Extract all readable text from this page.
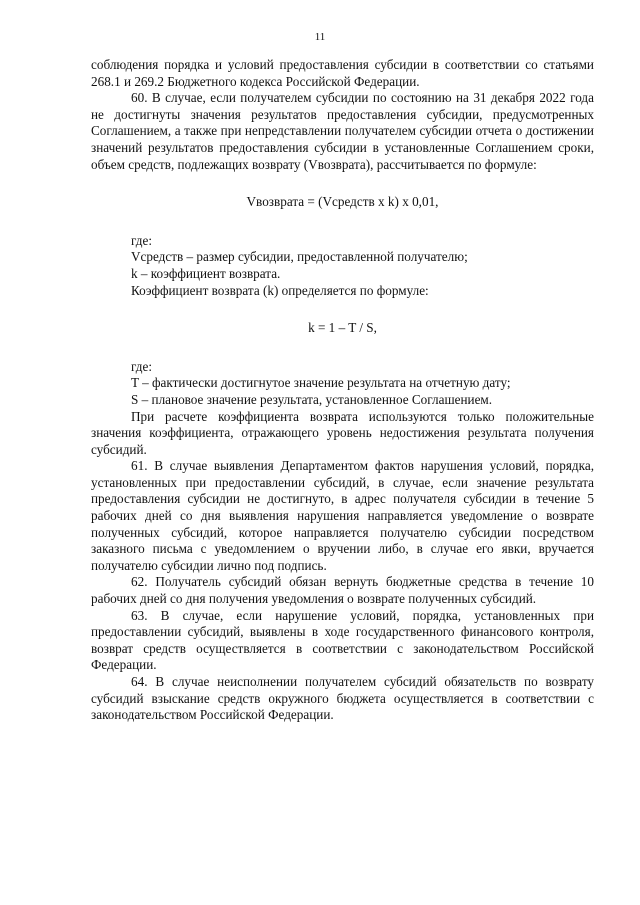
11

соблюдения порядка и условий предоставления субсидии в соответствии со статьями 268.1 и 269.2 Бюджетного кодекса Российской Федерации.

60. В случае, если получателем субсидии по состоянию на 31 декабря 2022 года не достигнуты значения результатов предоставления субсидии, предусмотренных Соглашением, а также при непредставлении получателем субсидии отчета о достижении значений результатов предоставления субсидии в установленные Соглашением сроки, объем средств, подлежащих возврату (Vвозврата), рассчитывается по формуле:

Vвозврата = (Vсредств x k) x 0,01,

где:

Vсредств – размер субсидии, предоставленной получателю;

k – коэффициент возврата.

Коэффициент возврата (k) определяется по формуле:

k = 1 – T / S,

где:

T – фактически достигнутое значение результата на отчетную дату;

S – плановое значение результата, установленное Соглашением.

При расчете коэффициента возврата используются только положительные значения коэффициента, отражающего уровень недостижения результата получения субсидий.

61. В случае выявления Департаментом фактов нарушения условий, порядка, установленных при предоставлении субсидий, в случае, если значение результата предоставления субсидии не достигнуто, в адрес получателя субсидии в течение 5 рабочих дней со дня выявления нарушения направляется уведомление о возврате полученных субсидий, которое направляется получателю субсидии посредством заказного письма с уведомлением о вручении либо, в случае его явки, вручается получателю субсидии лично под подпись.

62. Получатель субсидий обязан вернуть бюджетные средства в течение 10 рабочих дней со дня получения уведомления о возврате полученных субсидий.

63. В случае, если нарушение условий, порядка, установленных при предоставлении субсидий, выявлены в ходе государственного финансового контроля, возврат средств осуществляется в соответствии с законодательством Российской Федерации.

64. В случае неисполнении получателем субсидий обязательств по возврату субсидий взыскание средств окружного бюджета осуществляется в соответствии с законодательством Российской Федерации.
